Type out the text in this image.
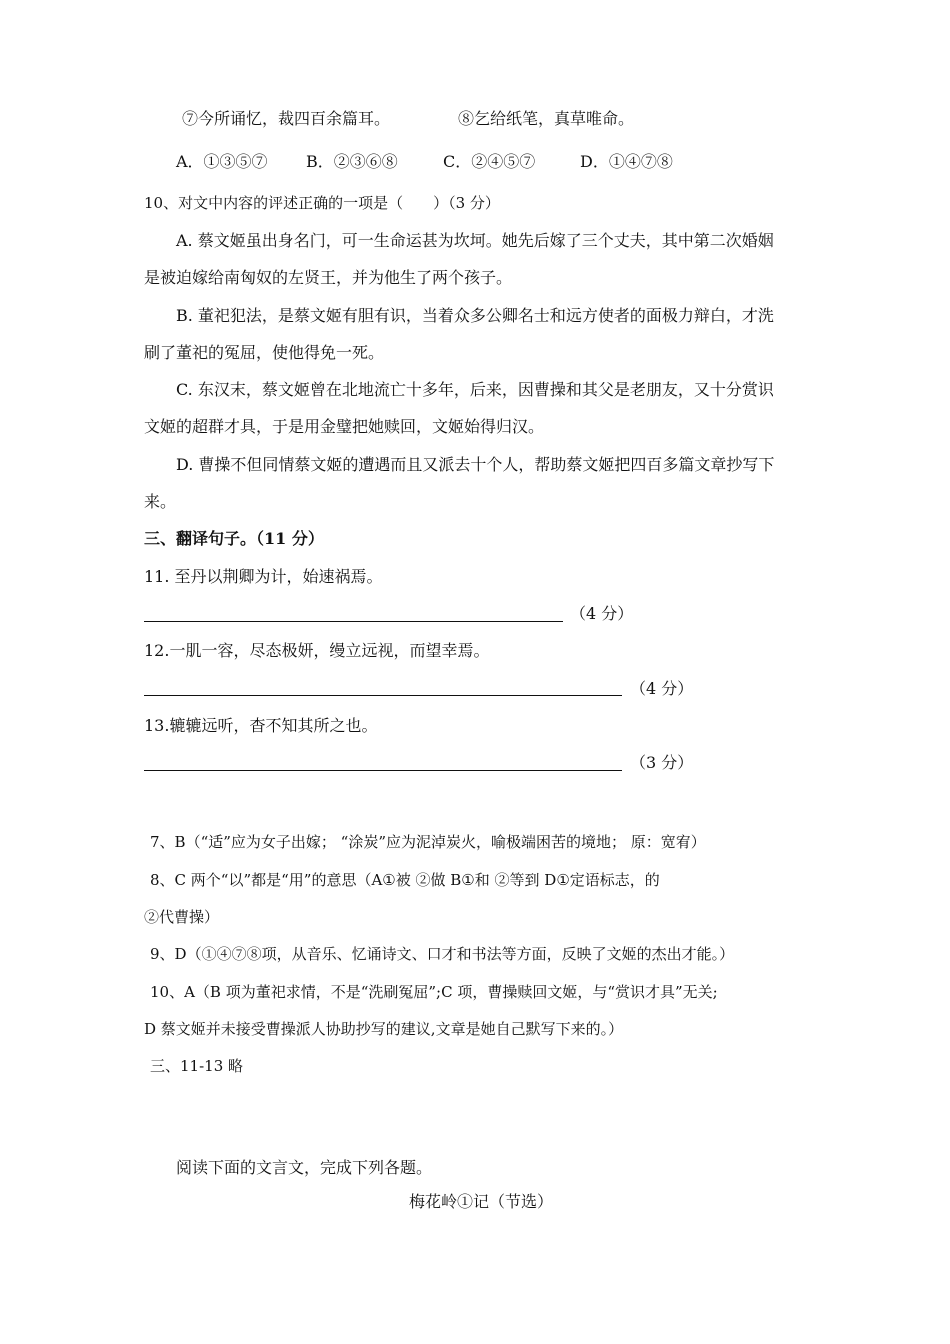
⑦今所诵忆，裁四百余篇耳。	⑧乞给纸笔，真草唯命。
A．①③⑤⑦ B．②③⑥⑧	C．②④⑤⑦	D．①④⑦⑧
10、对文中内容的评述正确的一项是（　　）（3 分）
A. 蔡文姬虽出身名门，可一生命运甚为坎坷。她先后嫁了三个丈夫，其中第二次婚姻
是被迫嫁给南匈奴的左贤王，并为他生了两个孩子。
B. 董祀犯法，是蔡文姬有胆有识，当着众多公卿名士和远方使者的面极力辩白，才洗
刷了董祀的冤屈，使他得免一死。
C. 东汉末，蔡文姬曾在北地流亡十多年，后来，因曹操和其父是老朋友，又十分赏识
文姬的超群才具，于是用金璧把她赎回，文姬始得归汉。
D. 曹操不但同情蔡文姬的遭遇而且又派去十个人，帮助蔡文姬把四百多篇文章抄写下
来。
三、翻译句子。（11 分）
11. 至丹以荆卿为计，始速祸焉。
（4 分）
12.一肌一容，尽态极妍，缦立远视，而望幸焉。
（4 分）
13.辘辘远听，杳不知其所之也。
（3 分）
7、B（“适”应为女子出嫁； “涂炭”应为泥淖炭火，喻极端困苦的境地； 原：宽宥）
8、C 两个“以”都是“用”的意思（A①被 ②做 B①和 ②等到 D①定语标志，的
②代曹操）
9、D（①④⑦⑧项，从音乐、忆诵诗文、口才和书法等方面，反映了文姬的杰出才能。）
10、A（B 项为董祀求情，不是“洗刷冤屈”;C 项，曹操赎回文姬，与“赏识才具”无关;
D 蔡文姬并未接受曹操派人协助抄写的建议,文章是她自己默写下来的。）
三、11-13 略
阅读下面的文言文，完成下列各题。
梅花岭①记（节选）
